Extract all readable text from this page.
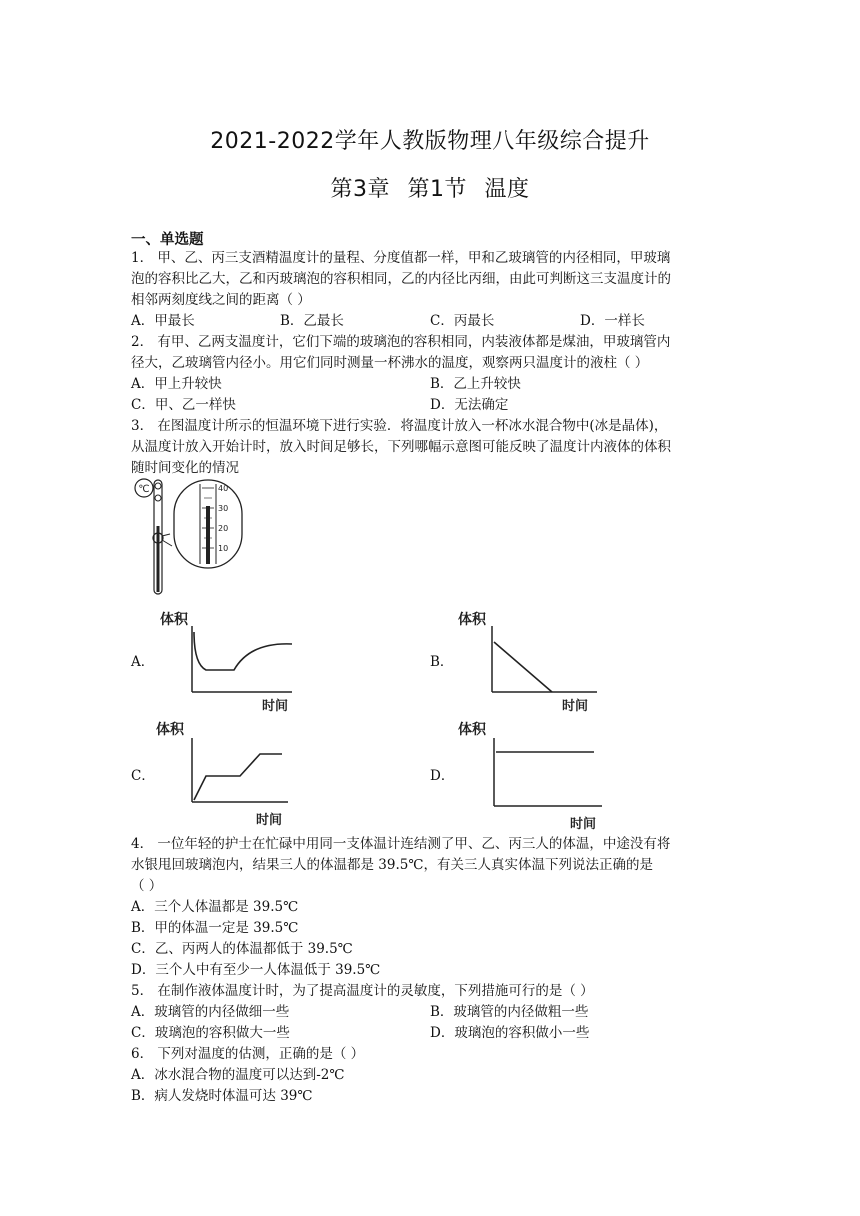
2021-2022学年人教版物理八年级综合提升
第3章 第1节 温度
一、单选题
1． 甲、乙、丙三支酒精温度计的量程、分度值都一样，甲和乙玻璃管的内径相同，甲玻璃
泡的容积比乙大，乙和丙玻璃泡的容积相同，乙的内径比丙细，由此可判断这三支温度计的
相邻两刻度线之间的距离（ ）
A．甲最长	B．乙最长	C．丙最长	D．一样长
2． 有甲、乙两支温度计，它们下端的玻璃泡的容积相同，内装液体都是煤油，甲玻璃管内
径大，乙玻璃管内径小。用它们同时测量一杯沸水的温度，观察两只温度计的液柱（ ）
A．甲上升较快	B．乙上升较快
C．甲、乙一样快	D．无法确定
3． 在图温度计所示的恒温环境下进行实验．将温度计放入一杯冰水混合物中(冰是晶体)，
从温度计放入开始计时，放入时间足够长，下列哪幅示意图可能反映了温度计内液体的体积
随时间变化的情况
℃	40
30
20
10
A．
体积
时间
B．
体积
时间
C．
体积
时间
D．
体积
时间
4． 一位年轻的护士在忙碌中用同一支体温计连结测了甲、乙、丙三人的体温，中途没有将
水银甩回玻璃泡内，结果三人的体温都是 39.5℃，有关三人真实体温下列说法正确的是
（ ）
A．三个人体温都是 39.5℃
B．甲的体温一定是 39.5℃
C．乙、丙两人的体温都低于 39.5℃
D．三个人中有至少一人体温低于 39.5℃
5． 在制作液体温度计时，为了提高温度计的灵敏度，下列措施可行的是（ ）
A．玻璃管的内径做细一些	B．玻璃管的内径做粗一些
C．玻璃泡的容积做大一些	D．玻璃泡的容积做小一些
6． 下列对温度的估测，正确的是（ ）
A．冰水混合物的温度可以达到-2℃
B．病人发烧时体温可达 39℃
